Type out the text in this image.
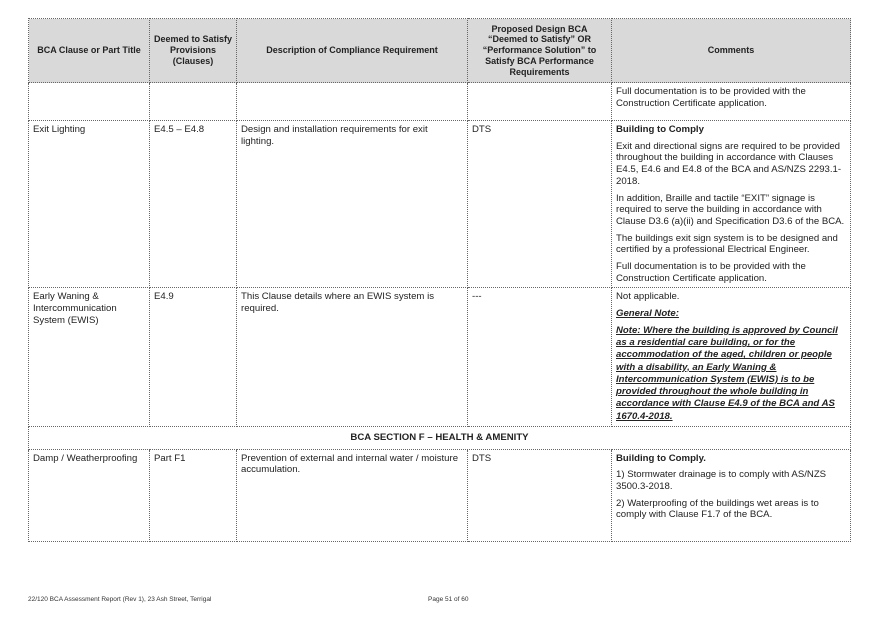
BCA Clause or Part Title	Deemed to Satisfy Provisions (Clauses)	Description of Compliance Requirement	Proposed Design BCA “Deemed to Satisfy” OR “Performance Solution” to Satisfy BCA Performance Requirements	Comments

				Full documentation is to be provided with the Construction Certificate application.

Exit Lighting	E4.5 – E4.8	Design and installation requirements for exit lighting.	DTS	Building to Comply

Exit and directional signs are required to be provided throughout the building in accordance with Clauses E4.5, E4.6 and E4.8 of the BCA and AS/NZS 2293.1-2018.

In addition, Braille and tactile “EXIT” signage is required to serve the building in accordance with Clause D3.6 (a)(ii) and Specification D3.6 of the BCA.

The buildings exit sign system is to be designed and certified by a professional Electrical Engineer.

Full documentation is to be provided with the Construction Certificate application.

Early Waning & Intercommunication System (EWIS)	E4.9	This Clause details where an EWIS system is required.	---	Not applicable.

General Note:

Note: Where the building is approved by Council as a residential care building, or for the accommodation of the aged, children or people with a disability, an Early Waning & Intercommunication System (EWIS) is to be provided throughout the whole building in accordance with Clause E4.9 of the BCA and AS 1670.4-2018.

BCA SECTION F – HEALTH & AMENITY				
Damp / Weatherproofing	Part F1	Prevention of external and internal water / moisture accumulation.	DTS	Building to Comply.

1) Stormwater drainage is to comply with AS/NZS 3500.3-2018.

2) Waterproofing of the buildings wet areas is to comply with Clause F1.7 of the BCA.

22/120 BCA Assessment Report (Rev 1), 23 Ash Street, Terrigal	Page 51 of 60
